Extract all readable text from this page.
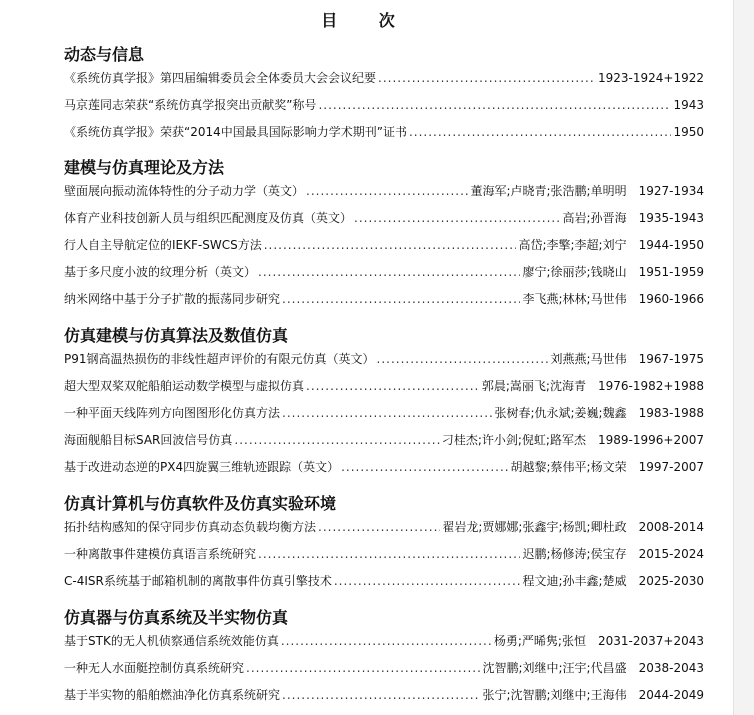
目 次
动态与信息
《系统仿真学报》第四届编辑委员会全体委员大会会议纪要 .....	1923-1924+1922
马京莲同志荣获“系统仿真学报突出贡献奖”称号 .....	1943
《系统仿真学报》荣获“2014中国最具国际影响力学术期刊”证书 .....	1950
建模与仿真理论及方法
壁面展向振动流体特性的分子动力学（英文） .....	董海军;卢晓青;张浩鹏;单明明 1927-1934
体育产业科技创新人员与组织匹配测度及仿真（英文） .....	高岩;孙晋海 1935-1943
行人自主导航定位的IEKF-SWCS方法 .....	高岱;李擎;李超;刘宁 1944-1950
基于多尺度小波的纹理分析（英文） .....	廖宁;徐丽莎;钱晓山 1951-1959
纳米网络中基于分子扩散的振荡同步研究 .....	李飞燕;林林;马世伟 1960-1966
仿真建模与仿真算法及数值仿真
P91钢高温热损伤的非线性超声评价的有限元仿真（英文） .....	刘燕燕;马世伟 1967-1975
超大型双桨双舵船舶运动数学模型与虚拟仿真 .....	郭晨;嵩丽飞;沈海青 1976-1982+1988
一种平面天线阵列方向图图形化仿真方法 .....	张树春;仇永斌;姜巍;魏鑫 1983-1988
海面舰船目标SAR回波信号仿真 .....	刁桂杰;许小剑;倪虹;路军杰 1989-1996+2007
基于改进动态逆的PX4四旋翼三维轨迹跟踪（英文） .....	胡越黎;蔡伟平;杨文荣 1997-2007
仿真计算机与仿真软件及仿真实验环境
拓扑结构感知的保守同步仿真动态负载均衡方法 .....	翟岩龙;贾娜娜;张鑫宇;杨凯;卿杜政 2008-2014
一种离散事件建模仿真语言系统研究 .....	迟鹏;杨修涛;侯宝存 2015-2024
C-4ISR系统基于邮箱机制的离散事件仿真引擎技术 .....	程文迪;孙丰鑫;楚威 2025-2030
仿真器与仿真系统及半实物仿真
基于STK的无人机侦察通信系统效能仿真 .....	杨勇;严晞隽;张恒 2031-2037+2043
一种无人水面艇控制仿真系统研究 .....	沈智鹏;刘继中;汪宇;代昌盛 2038-2043
基于半实物的船舶燃油净化仿真系统研究 .....	张宁;沈智鹏;刘继中;王海伟 2044-2049
